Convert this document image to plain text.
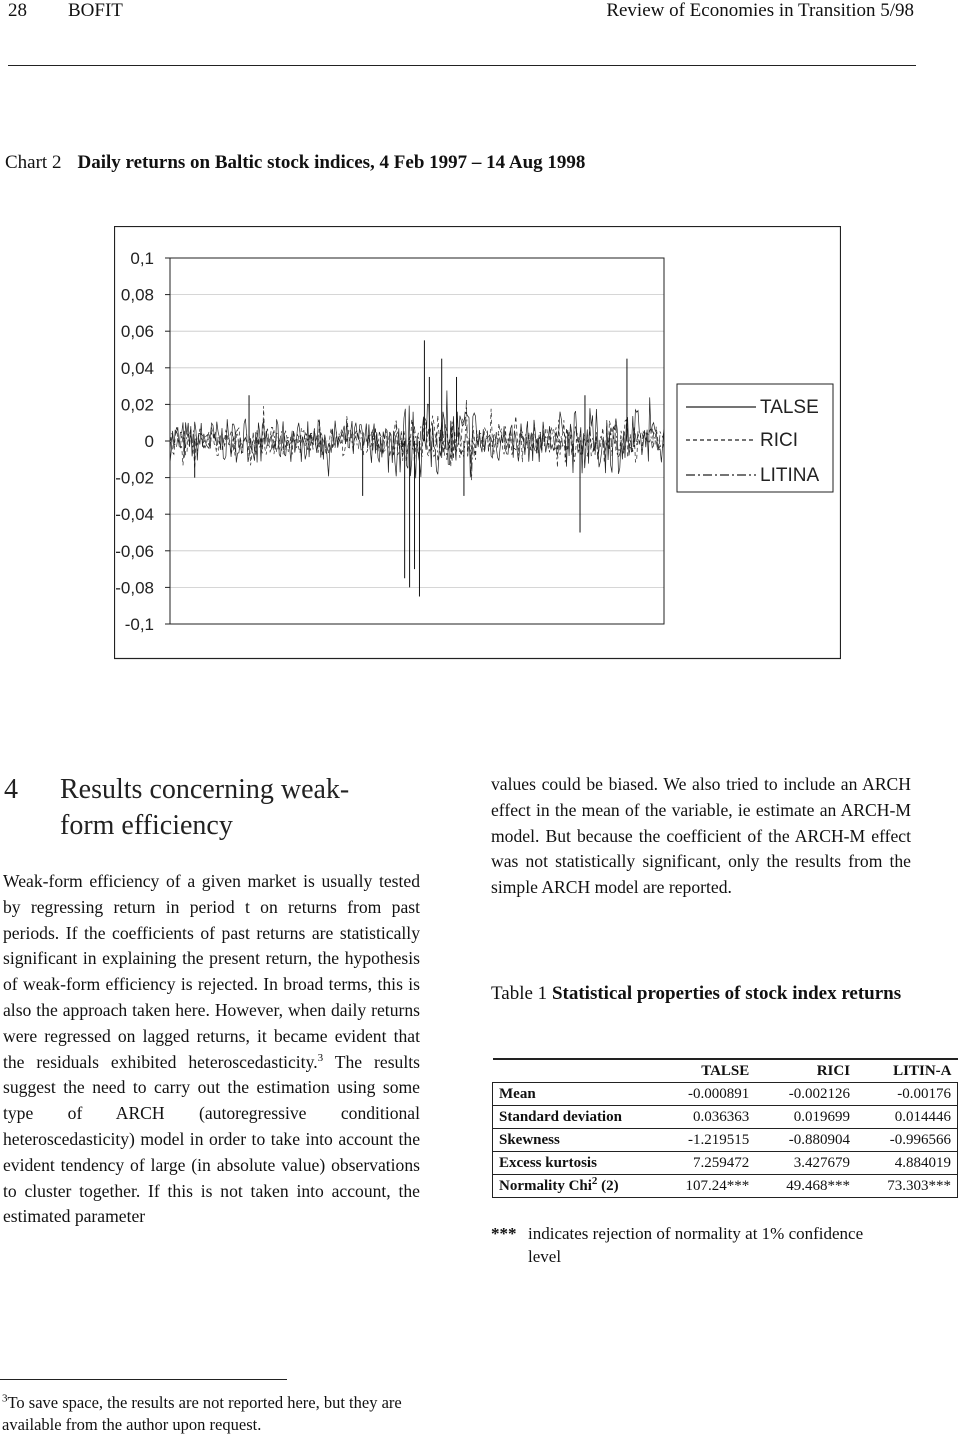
28 BOFIT	Review of Economies in Transition 5/98
Chart 2 Daily returns on Baltic stock indices, 4 Feb 1997 – 14 Aug 1998
0,1
0,08
0,06
0,04
0,02
0
-0,02
-0,04
-0,06
-0,08
-0,1
TALSE
RICI
LITINA
4 Results concerning weak-
form efficiency
Weak-form efficiency of a given market is usually tested by regressing return in period t on returns from past periods. If the coefficients of past returns are statistically significant in explaining the present return, the hypothesis of weak-form efficiency is rejected. In broad terms, this is also the approach taken here. However, when daily returns were regressed on lagged returns, it became evident that the residuals exhibited heteroscedasticity.$^3$ The results suggest the need to carry out the estimation using some type of ARCH (autoregressive conditional heteroscedasticity) model in order to take into account the evident tendency of large (in absolute value) observations to cluster together. If this is not taken into account, the estimated parameter
values could be biased. We also tried to include an ARCH effect in the mean of the variable, ie estimate an ARCH-M model. But because the coefficient of the ARCH-M effect was not statistically significant, only the results from the simple ARCH model are reported.
Table 1 Statistical properties of stock index returns
	TALSE	RICI	LITIN-A
Mean	-0.000891	-0.002126	-0.00176
Standard deviation	0.036363	0.019699	0.014446
Skewness	-1.219515	-0.880904	-0.996566
Excess kurtosis	7.259472	3.427679	4.884019
Normality Chi$^2$ (2)	107.24***	49.468***	73.303***
*** indicates rejection of normality at 1% confidence
level
$^3$To save space, the results are not reported here, but they are available from the author upon request.
